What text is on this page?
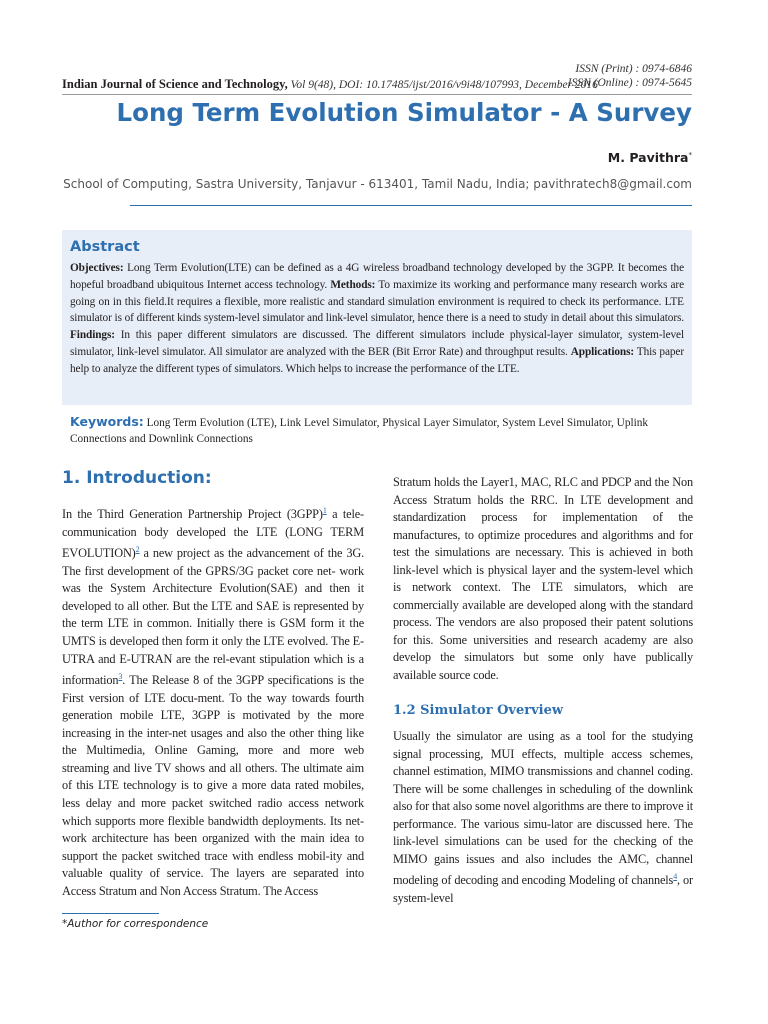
ISSN (Print) : 0974-6846
ISSN (Online) : 0974-5645
Indian Journal of Science and Technology, Vol 9(48), DOI: 10.17485/ijst/2016/v9i48/107993, December 2016
Long Term Evolution Simulator - A Survey
M. Pavithra*
School of Computing, Sastra University, Tanjavur - 613401, Tamil Nadu, India; pavithratech8@gmail.com
Abstract

Objectives: Long Term Evolution(LTE) can be defined as a 4G wireless broadband technology developed by the 3GPP. It becomes the hopeful broadband ubiquitous Internet access technology. Methods: To maximize its working and performance many research works are going on in this field.It requires a flexible, more realistic and standard simulation environment is required to check its performance. LTE simulator is of different kinds system-level simulator and link-level simulator, hence there is a need to study in detail about this simulators. Findings: In this paper different simulators are discussed. The different simulators include physical-layer simulator, system-level simulator, link-level simulator. All simulator are analyzed with the BER (Bit Error Rate) and throughput results. Applications: This paper help to analyze the different types of simulators. Which helps to increase the performance of the LTE.

Keywords: Long Term Evolution (LTE), Link Level Simulator, Physical Layer Simulator, System Level Simulator, Uplink Connections and Downlink Connections

1. Introduction:

In the Third Generation Partnership Project $(3GPP)^1$ a tele-communication body developed the LTE (LONG TERM EVOLUTION)$^2$ a new project as the advancement of the 3G. The first development of the GPRS/3G packet core net- work was the System Architecture Evolution(SAE) and then it developed to all other. But the LTE and SAE is represented by the term LTE in common. Initially there is GSM form it the UMTS is developed then form it only the LTE evolved. The E-UTRA and E-UTRAN are the rel-evant stipulation which is a information$^3$. The Release 8 of the 3GPP specifications is the First version of LTE docu-ment. To the way towards fourth generation mobile LTE, 3GPP is motivated by the more increasing in the inter-net usages and also the other thing like the Multimedia, Online Gaming, more and more web streaming and live TV shows and all others. The ultimate aim of this LTE technology is to give a more data rated mobiles, less delay and more packet switched radio access network which supports more flexible bandwidth deployments. Its net-work architecture has been organized with the main idea to support the packet switched trace with endless mobil-ity and valuable quality of service. The layers are separated into Access Stratum and Non Access Stratum. The Access

Stratum holds the Layer1, MAC, RLC and PDCP and the Non Access Stratum holds the RRC. In LTE development and standardization process for implementation of the manufactures, to optimize procedures and algorithms and for test the simulations are necessary. This is achieved in both link-level which is physical layer and the system-level which is network context. The LTE simulators, which are commercially available are developed along with the standard process. The vendors are also proposed their patent solutions for this. Some universities and research academy are also develop the simulators but some only have publically available source code.

1.2 Simulator Overview

Usually the simulator are using as a tool for the studying signal processing, MUI effects, multiple access schemes, channel estimation, MIMO transmissions and channel coding. There will be some challenges in scheduling of the downlink also for that also some novel algorithms are there to improve it performance. The various simu-lator are discussed here. The link-level simulations can be used for the checking of the MIMO gains issues and also includes the AMC, channel modeling of decoding and encoding Modeling of channels$^4$, or system-level

*Author for correspondence
